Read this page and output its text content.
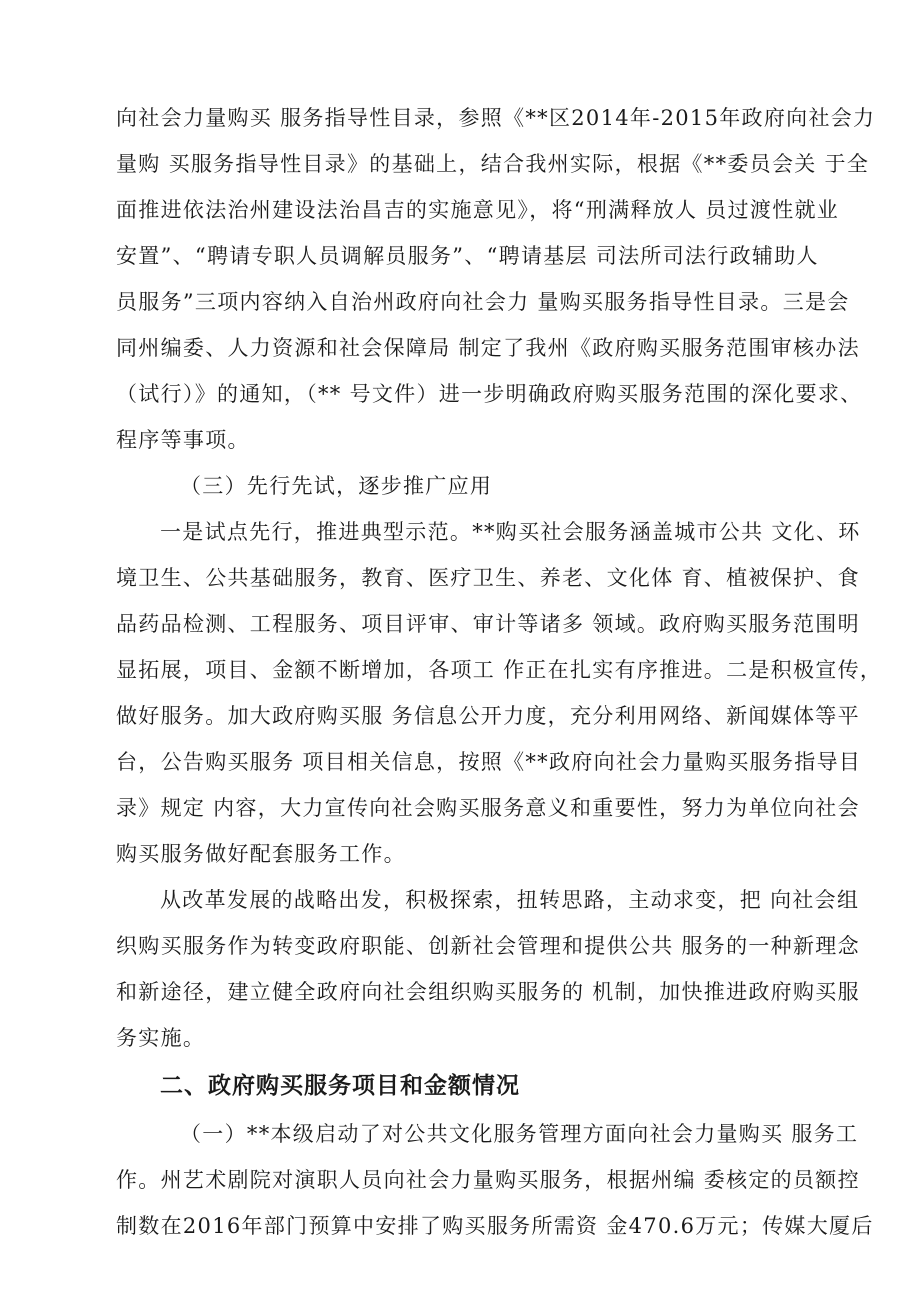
向社会力量购买 服务指导性目录，参照《**区2014年-2015年政府向社会力
量购 买服务指导性目录》的基础上，结合我州实际，根据《**委员会关 于全
面推进依法治州建设法治昌吉的实施意见》，将“刑满释放人 员过渡性就业
安置”、“聘请专职人员调解员服务”、“聘请基层 司法所司法行政辅助人
员服务”三项内容纳入自治州政府向社会力 量购买服务指导性目录。三是会
同州编委、人力资源和社会保障局 制定了我州《政府购买服务范围审核办法
（试行）》的通知，（** 号文件）进一步明确政府购买服务范围的深化要求、
程序等事项。
（三）先行先试，逐步推广应用
一是试点先行，推进典型示范。**购买社会服务涵盖城市公共 文化、环
境卫生、公共基础服务，教育、医疗卫生、养老、文化体 育、植被保护、食
品药品检测、工程服务、项目评审、审计等诸多 领域。政府购买服务范围明
显拓展，项目、金额不断增加，各项工 作正在扎实有序推进。二是积极宣传，
做好服务。加大政府购买服 务信息公开力度，充分利用网络、新闻媒体等平
台，公告购买服务 项目相关信息，按照《**政府向社会力量购买服务指导目
录》规定 内容，大力宣传向社会购买服务意义和重要性，努力为单位向社会
购买服务做好配套服务工作。
从改革发展的战略出发，积极探索，扭转思路，主动求变，把 向社会组
织购买服务作为转变政府职能、创新社会管理和提供公共 服务的一种新理念
和新途径，建立健全政府向社会组织购买服务的 机制，加快推进政府购买服
务实施。
二、政府购买服务项目和金额情况
（一）**本级启动了对公共文化服务管理方面向社会力量购买 服务工
作。州艺术剧院对演职人员向社会力量购买服务，根据州编 委核定的员额控
制数在2016年部门预算中安排了购买服务所需资 金470.6万元；传媒大厦后
